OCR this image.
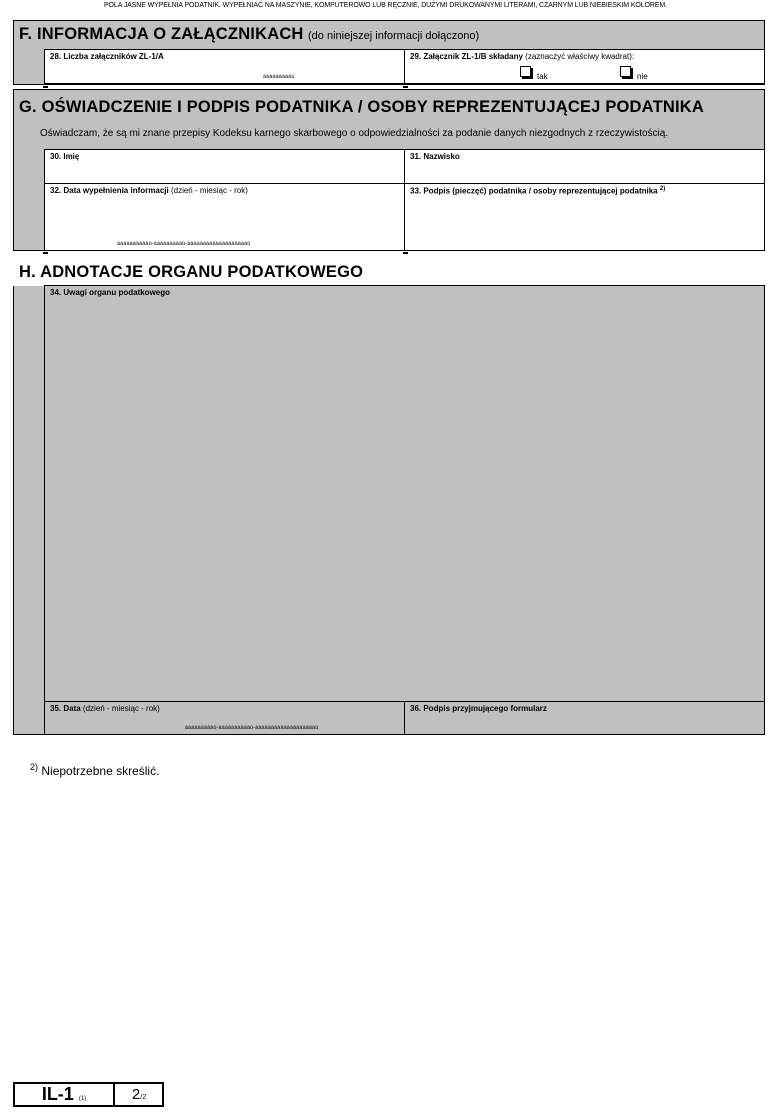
POLA JASNE WYPEŁNIA PODATNIK. WYPEŁNIAĆ NA MASZYNIE, KOMPUTEROWO LUB RĘCZNIE, DUŻYMI DRUKOWANYMI LITERAMI, CZARNYM LUB NIEBIESKIM KOLOREM.
F. INFORMACJA O ZAŁĄCZNIKACH (do niniejszej informacji dołączono)
28. Liczba załączników ZL-1/A
àààààààààù
29. Załącznik ZL-1/B składany (zaznaczyć właściwy kwadrat):
tak	nie
G. OŚWIADCZENIE I PODPIS PODATNIKA / OSOBY REPREZENTUJĄCEJ PODATNIKA
Oświadczam, że są mi znane przepisy Kodeksu karnego skarbowego o odpowiedzialności za podanie danych niezgodnych z rzeczywistością.
30. Imię	31. Nazwisko
32. Data wypełnienia informacji (dzień - miesiąc - rok)
ààààààààààù-àààààààààù-àààààààààààààààààààù
33. Podpis (pieczęć) podatnika / osoby reprezentującej podatnika $^{2)}$
H. ADNOTACJE ORGANU PODATKOWEGO
34. Uwagi organu podatkowego
35. Data (dzień - miesiąc - rok)
àààààààààù-ààààààààààù-àààààààààààààààààààù
36. Podpis przyjmującego formularz
$^{2)}$ Niepotrzebne skreślić.
IL-1 (1)	2/2
